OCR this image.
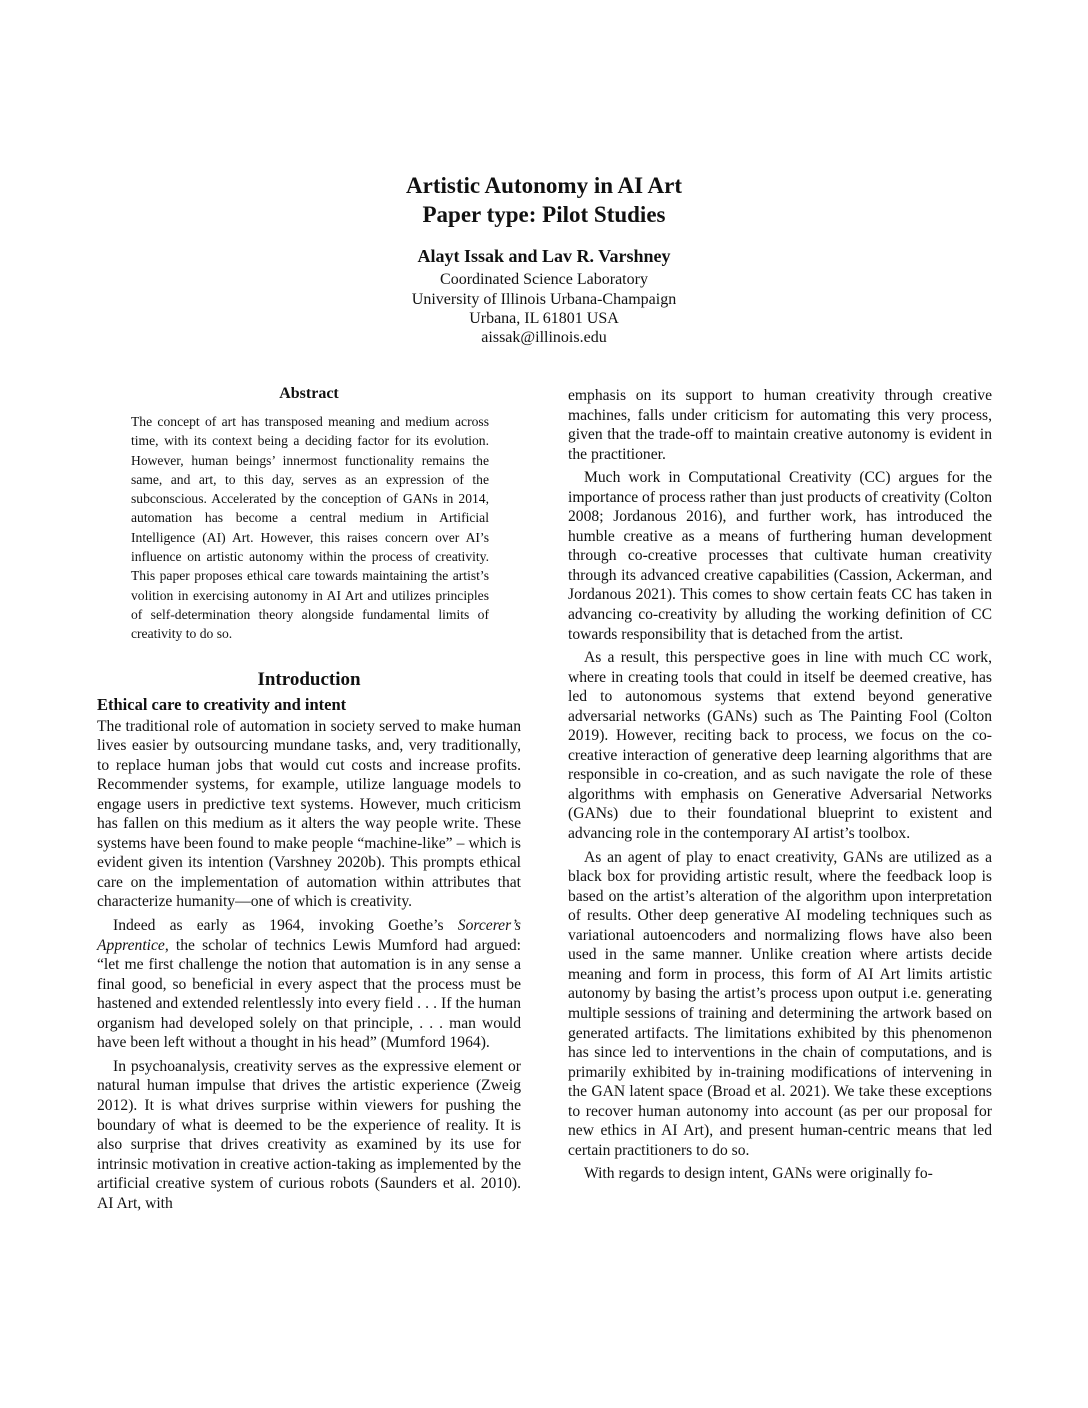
Artistic Autonomy in AI Art
Paper type: Pilot Studies
Alayt Issak and Lav R. Varshney
Coordinated Science Laboratory
University of Illinois Urbana-Champaign
Urbana, IL 61801 USA
aissak@illinois.edu
Abstract

The concept of art has transposed meaning and medium across time, with its context being a deciding factor for its evolution. However, human beings’ innermost functionality remains the same, and art, to this day, serves as an expression of the subconscious. Accelerated by the conception of GANs in 2014, automation has become a central medium in Artificial Intelligence (AI) Art. However, this raises concern over AI’s influence on artistic autonomy within the process of creativity. This paper proposes ethical care towards maintaining the artist’s volition in exercising autonomy in AI Art and utilizes principles of self-determination theory alongside fundamental limits of creativity to do so.

Introduction
Ethical care to creativity and intent

The traditional role of automation in society served to make human lives easier by outsourcing mundane tasks, and, very traditionally, to replace human jobs that would cut costs and increase profits. Recommender systems, for example, utilize language models to engage users in predictive text systems. However, much criticism has fallen on this medium as it alters the way people write. These systems have been found to make people “machine-like” – which is evident given its intention (Varshney 2020b). This prompts ethical care on the implementation of automation within attributes that characterize humanity—one of which is creativity.

Indeed as early as 1964, invoking Goethe’s Sorcerer’s Apprentice, the scholar of technics Lewis Mumford had argued: “let me first challenge the notion that automation is in any sense a final good, so beneficial in every aspect that the process must be hastened and extended relentlessly into every field . . . If the human organism had developed solely on that principle, . . . man would have been left without a thought in his head” (Mumford 1964).

In psychoanalysis, creativity serves as the expressive element or natural human impulse that drives the artistic experience (Zweig 2012). It is what drives surprise within viewers for pushing the boundary of what is deemed to be the experience of reality. It is also surprise that drives creativity as examined by its use for intrinsic motivation in creative action-taking as implemented by the artificial creative system of curious robots (Saunders et al. 2010). AI Art, with

emphasis on its support to human creativity through creative machines, falls under criticism for automating this very process, given that the trade-off to maintain creative autonomy is evident in the practitioner.

Much work in Computational Creativity (CC) argues for the importance of process rather than just products of creativity (Colton 2008; Jordanous 2016), and further work, has introduced the humble creative as a means of furthering human development through co-creative processes that cultivate human creativity through its advanced creative capabilities (Cassion, Ackerman, and Jordanous 2021). This comes to show certain feats CC has taken in advancing co-creativity by alluding the working definition of CC towards responsibility that is detached from the artist.

As a result, this perspective goes in line with much CC work, where in creating tools that could in itself be deemed creative, has led to autonomous systems that extend beyond generative adversarial networks (GANs) such as The Painting Fool (Colton 2019). However, reciting back to process, we focus on the co-creative interaction of generative deep learning algorithms that are responsible in co-creation, and as such navigate the role of these algorithms with emphasis on Generative Adversarial Networks (GANs) due to their foundational blueprint to existent and advancing role in the contemporary AI artist’s toolbox.

As an agent of play to enact creativity, GANs are utilized as a black box for providing artistic result, where the feedback loop is based on the artist’s alteration of the algorithm upon interpretation of results. Other deep generative AI modeling techniques such as variational autoencoders and normalizing flows have also been used in the same manner. Unlike creation where artists decide meaning and form in process, this form of AI Art limits artistic autonomy by basing the artist’s process upon output i.e. generating multiple sessions of training and determining the artwork based on generated artifacts. The limitations exhibited by this phenomenon has since led to interventions in the chain of computations, and is primarily exhibited by in-training modifications of intervening in the GAN latent space (Broad et al. 2021). We take these exceptions to recover human autonomy into account (as per our proposal for new ethics in AI Art), and present human-centric means that led certain practitioners to do so.

With regards to design intent, GANs were originally fo-
